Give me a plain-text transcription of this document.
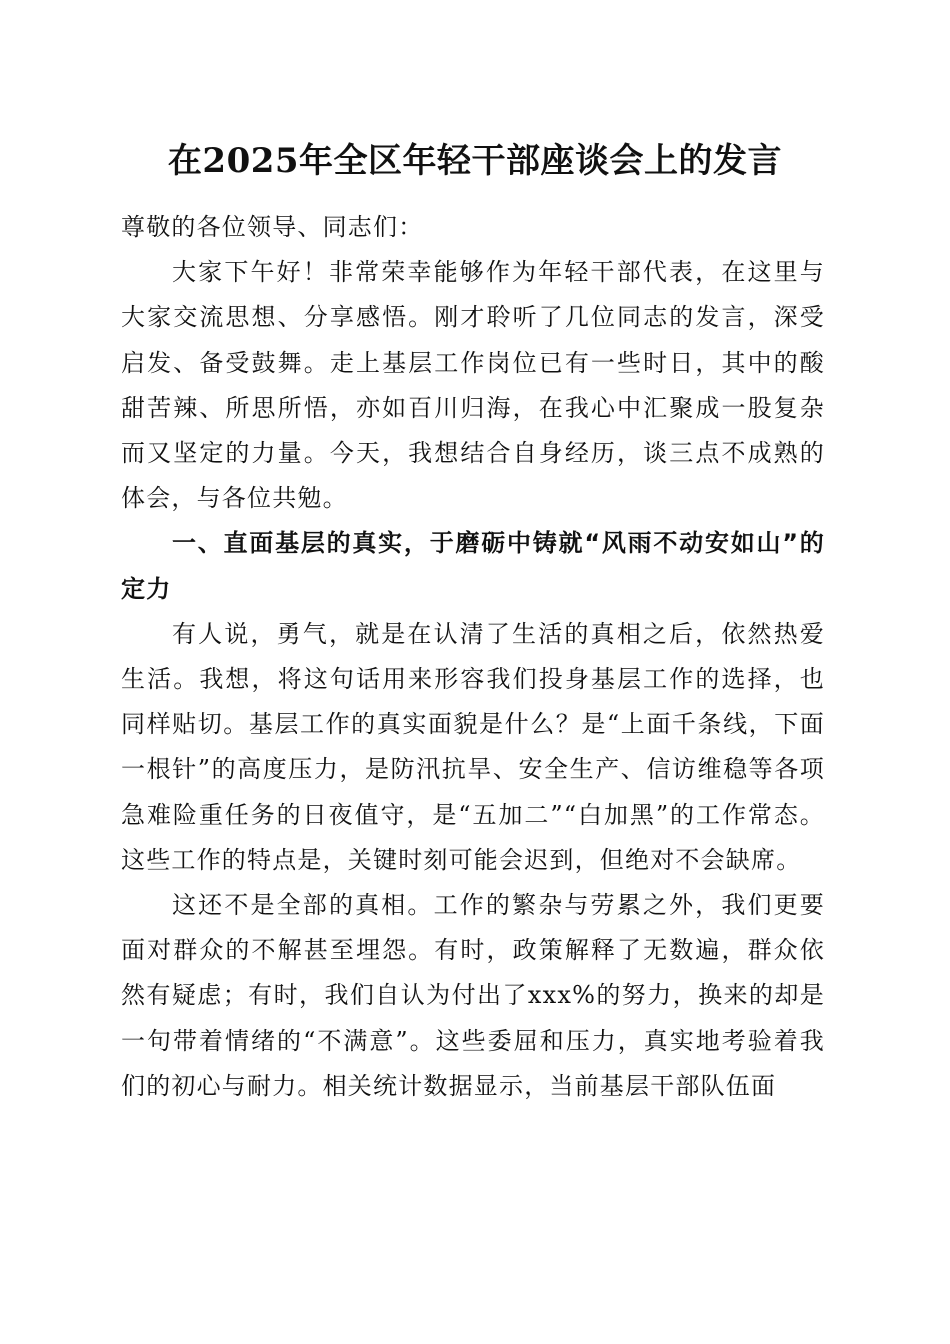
在2025年全区年轻干部座谈会上的发言

尊敬的各位领导、同志们：

大家下午好！非常荣幸能够作为年轻干部代表，在这里与大家交流思想、分享感悟。刚才聆听了几位同志的发言，深受启发、备受鼓舞。走上基层工作岗位已有一些时日，其中的酸甜苦辣、所思所悟，亦如百川归海，在我心中汇聚成一股复杂而又坚定的力量。今天，我想结合自身经历，谈三点不成熟的体会，与各位共勉。

一、直面基层的真实，于磨砺中铸就“风雨不动安如山”的定力

有人说，勇气，就是在认清了生活的真相之后，依然热爱生活。我想，将这句话用来形容我们投身基层工作的选择，也同样贴切。基层工作的真实面貌是什么？是“上面千条线，下面一根针”的高度压力，是防汛抗旱、安全生产、信访维稳等各项急难险重任务的日夜值守，是“五加二”“白加黑”的工作常态。这些工作的特点是，关键时刻可能会迟到，但绝对不会缺席。

这还不是全部的真相。工作的繁杂与劳累之外，我们更要面对群众的不解甚至埋怨。有时，政策解释了无数遍，群众依然有疑虑；有时，我们自认为付出了xxx%的努力，换来的却是一句带着情绪的“不满意”。这些委屈和压力，真实地考验着我们的初心与耐力。相关统计数据显示，当前基层干部队伍面
